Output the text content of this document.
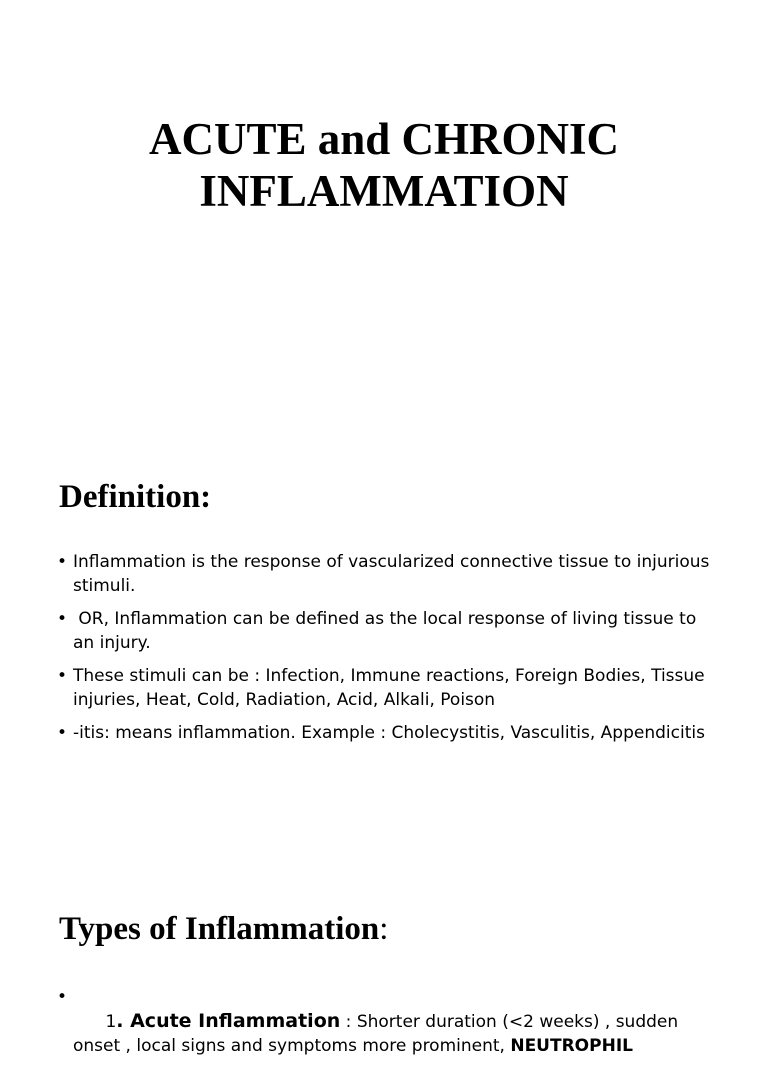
ACUTE and CHRONIC
INFLAMMATION
Definition:
• Inflammation is the response of vascularized connective tissue to injurious stimuli.
• OR, Inflammation can be defined as the local response of living tissue to an injury.
• These stimuli can be : Infection, Immune reactions, Foreign Bodies, Tissue injuries, Heat, Cold, Radiation, Acid, Alkali, Poison
• -itis: means inflammation. Example : Cholecystitis, Vasculitis, Appendicitis
Types of Inflammation:

•
1. Acute Inflammation : Shorter duration (<2 weeks) , sudden onset , local signs and symptoms more prominent, NEUTROPHIL
